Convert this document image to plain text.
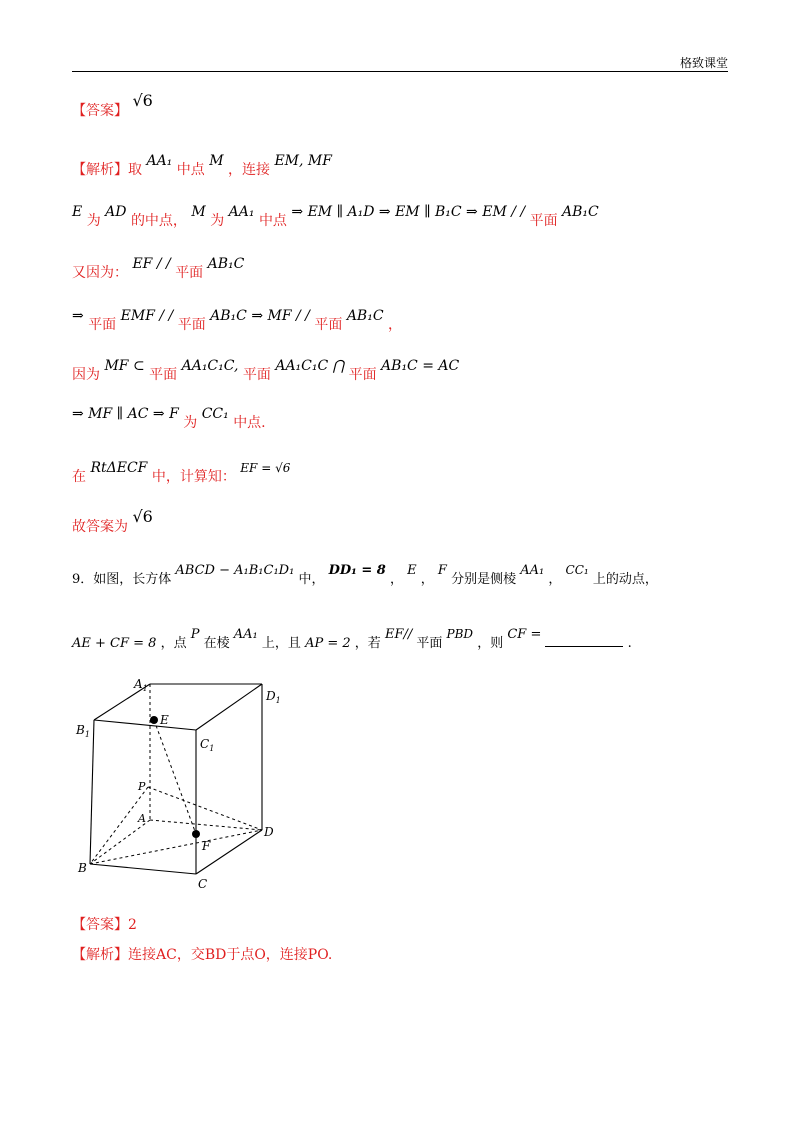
格致课堂
【答案】 √6
【解析】取 AA₁ 中点 M ，连接 EM, MF
E 为 AD 的中点， M 为 AA₁ 中点 ⇒ EM ∥ A₁D ⇒ EM ∥ B₁C ⇒ EM / / 平面 AB₁C
又因为： EF / / 平面 AB₁C
⇒ 平面 EMF / / 平面 AB₁C ⇒ MF / / 平面 AB₁C ，
因为 MF ⊂ 平面 AA₁C₁C, 平面 AA₁C₁C ⋂ 平面 AB₁C = AC
⇒ MF ∥ AC ⇒ F 为 CC₁ 中点.
在 RtΔECF 中，计算知： EF = √6
故答案为 √6
9．如图，长方体 ABCD − A₁B₁C₁D₁ 中， DD₁ = 8 ， E ， F 分别是侧棱 AA₁ ， CC₁ 上的动点，
AE + CF = 8 ，点 P 在棱 AA₁ 上，且 AP = 2 ，若 EF// 平面 PBD ，则 CF =  .
$A_1$
$D_1$
$B_1$
$C_1$
E
P
A
F
D
B
C
【答案】2
【解析】连接AC，交BD于点O，连接PO.
